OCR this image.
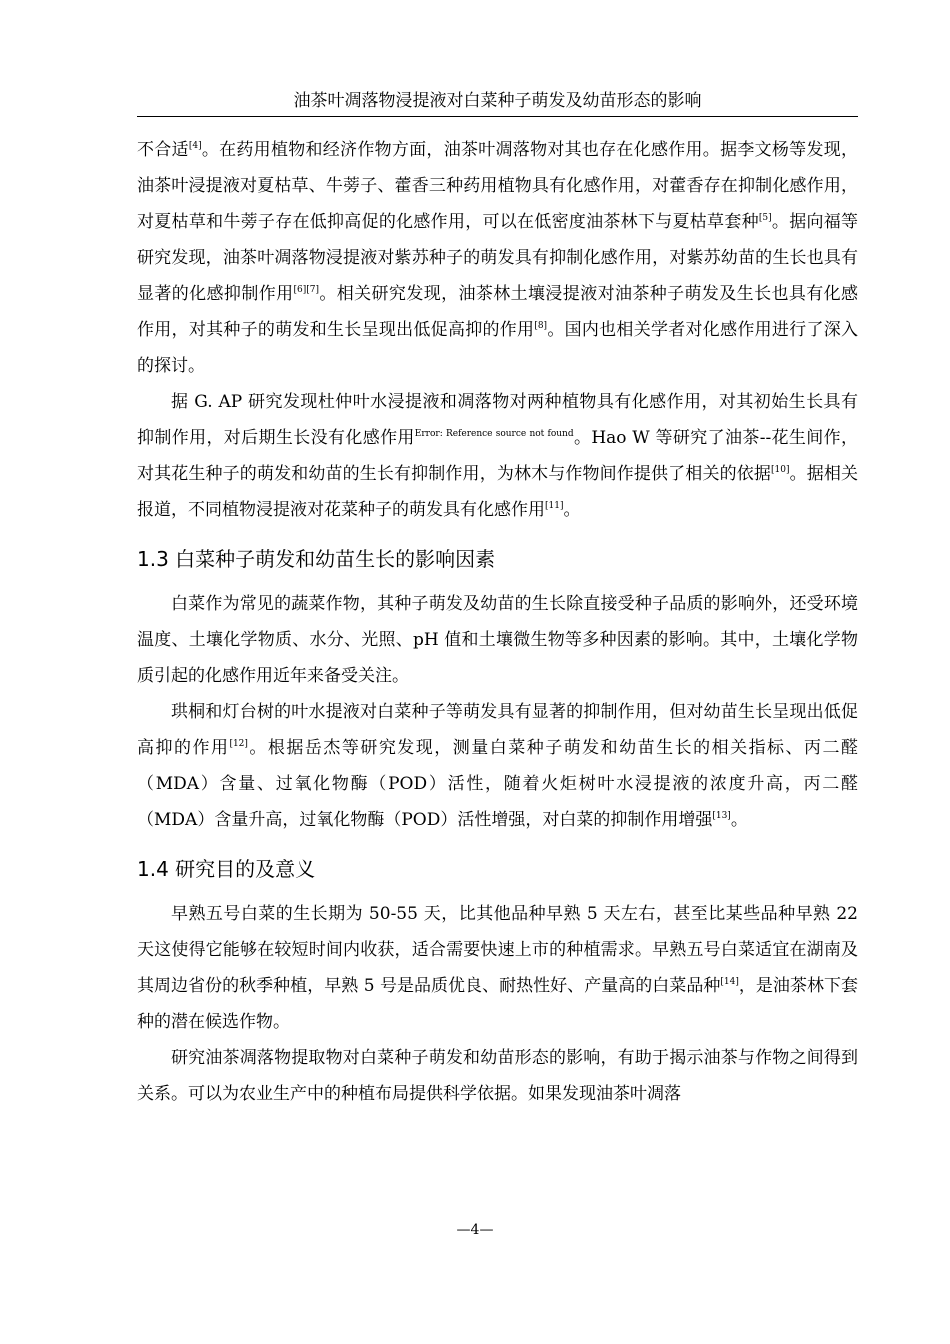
油茶叶凋落物浸提液对白菜种子萌发及幼苗形态的影响

不合适[4]。在药用植物和经济作物方面，油茶叶凋落物对其也存在化感作用。据李文杨等发现，油茶叶浸提液对夏枯草、牛蒡子、藿香三种药用植物具有化感作用，对藿香存在抑制化感作用，对夏枯草和牛蒡子存在低抑高促的化感作用，可以在低密度油茶林下与夏枯草套种[5]。据向福等研究发现，油茶叶凋落物浸提液对紫苏种子的萌发具有抑制化感作用，对紫苏幼苗的生长也具有显著的化感抑制作用[6][7]。相关研究发现，油茶林土壤浸提液对油茶种子萌发及生长也具有化感作用，对其种子的萌发和生长呈现出低促高抑的作用[8]。国内也相关学者对化感作用进行了深入的探讨。

据 G. AP 研究发现杜仲叶水浸提液和凋落物对两种植物具有化感作用，对其初始生长具有抑制作用，对后期生长没有化感作用$^{Error: Reference source not found}$。Hao W 等研究了油茶--花生间作，对其花生种子的萌发和幼苗的生长有抑制作用，为林木与作物间作提供了相关的依据[10]。据相关报道，不同植物浸提液对花菜种子的萌发具有化感作用[11]。

1.3 白菜种子萌发和幼苗生长的影响因素

白菜作为常见的蔬菜作物，其种子萌发及幼苗的生长除直接受种子品质的影响外，还受环境温度、土壤化学物质、水分、光照、pH 值和土壤微生物等多种因素的影响。其中，土壤化学物质引起的化感作用近年来备受关注。

珙桐和灯台树的叶水提液对白菜种子等萌发具有显著的抑制作用，但对幼苗生长呈现出低促高抑的作用[12]。根据岳杰等研究发现，测量白菜种子萌发和幼苗生长的相关指标、丙二醛（MDA）含量、过氧化物酶（POD）活性，随着火炬树叶水浸提液的浓度升高，丙二醛（MDA）含量升高，过氧化物酶（POD）活性增强，对白菜的抑制作用增强[13]。

1.4 研究目的及意义

早熟五号白菜的生长期为 50-55 天，比其他品种早熟 5 天左右，甚至比某些品种早熟 22 天这使得它能够在较短时间内收获，适合需要快速上市的种植需求。早熟五号白菜适宜在湖南及其周边省份的秋季种植，早熟 5 号是品质优良、耐热性好、产量高的白菜品种[14]，是油茶林下套种的潜在候选作物。

研究油茶凋落物提取物对白菜种子萌发和幼苗形态的影响，有助于揭示油茶与作物之间得到关系。可以为农业生产中的种植布局提供科学依据。如果发现油茶叶凋落

—4—
